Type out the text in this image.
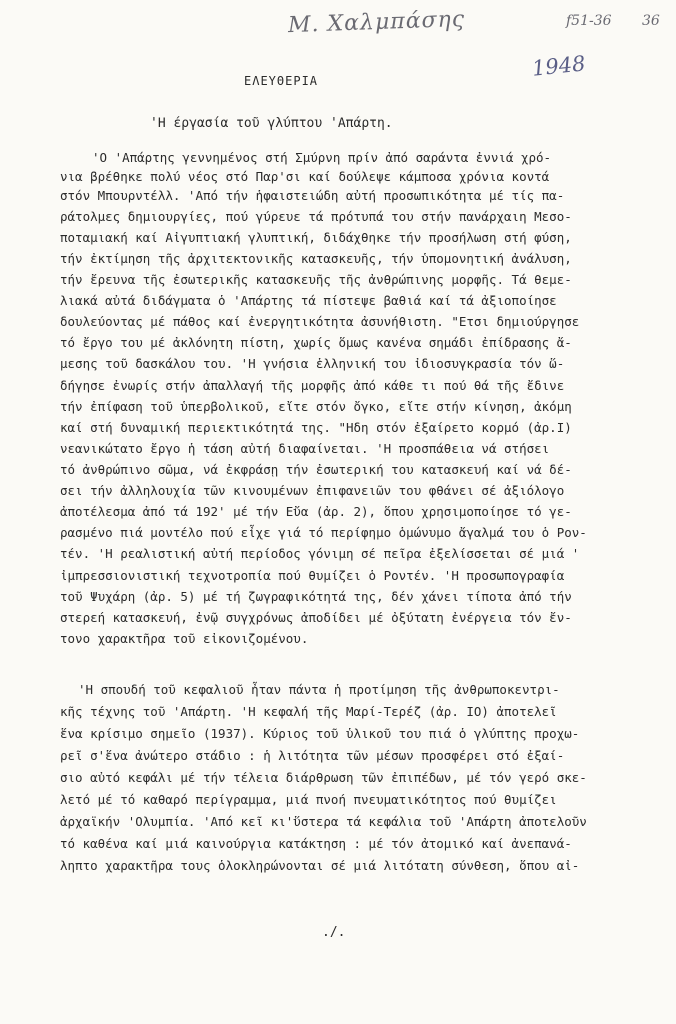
Μ. Χαλμπάσης	f51-36 36
1948
ΕΛΕΥΘΕΡΙΑ
'Η έργασία τοῦ γλύπτου 'Απάρτη.
'Ο 'Απάρτης γεννημένος στή Σμύρνη πρίν ἀπό σαράντα ἐννιά χρό-
νια βρέθηκε πολύ νέος στό Παρ'σι καί δούλεψε κάμποσα χρόνια κοντά
στόν Μπουρντέλλ. 'Από τήν ἡφαιστειώδη αὐτή προσωπικότητα μέ τίς πα-
ράτολμες δημιουργίες, πού γύρευε τά πρότυπά του στήν πανάρχαιη Μεσο-
ποταμιακή καί Αἰγυπτιακή γλυπτική, διδάχθηκε τήν προσήλωση στή φύση,
τήν ἐκτίμηση τῆς ἀρχιτεκτονικῆς κατασκευῆς, τήν ὑπομονητική ἀνάλυση,
τήν ἔρευνα τῆς ἐσωτερικῆς κατασκευῆς τῆς ἀνθρώπινης μορφῆς. Τά θεμε-
λιακά αὐτά διδάγματα ὁ 'Απάρτης τά πίστεψε βαθιά καί τά ἀξιοποίησε
δουλεύοντας μέ πάθος καί ἐνεργητικότητα ἀσυνήθιστη. "Ετσι δημιούργησε
τό ἔργο του μέ ἀκλόνητη πίστη, χωρίς ὅμως κανένα σημάδι ἐπίδρασης ἄ-
μεσης τοῦ δασκάλου του. 'Η γνήσια ἑλληνική του ἰδιοσυγκρασία τόν ὥ-
δήγησε ἐνωρίς στήν ἀπαλλαγή τῆς μορφῆς ἀπό κάθε τι πού θά τῆς ἔδινε
τήν ἐπίφαση τοῦ ὑπερβολικοῦ, εἴτε στόν ὄγκο, εἴτε στήν κίνηση, ἀκόμη
καί στή δυναμική περιεκτικότητά της. "Ηδη στόν ἐξαίρετο κορμό (ἀρ.Ι)
νεανικώτατο ἔργο ἡ τάση αὐτή διαφαίνεται. 'Η προσπάθεια νά στήσει
τό ἀνθρώπινο σῶμα, νά ἐκφράσῃ τήν ἐσωτερική του κατασκευή καί νά δέ-
σει τήν ἀλληλουχία τῶν κινουμένων ἐπιφανειῶν του φθάνει σέ ἀξιόλογο
ἀποτέλεσμα ἀπό τά 192' μέ τήν Εὔα (ἀρ. 2), ὅπου χρησιμοποίησε τό γε-
ρασμένο πιά μοντέλο πού εἶχε γιά τό περίφημο ὁμώνυμο ἄγαλμά του ὁ Ρον-
τέν. 'Η ρεαλιστική αὐτή περίοδος γόνιμη σέ πεῖρα ἐξελίσσεται σέ μιά '
ἰμπρεσσιονιστική τεχνοτροπία πού θυμίζει ὁ Ροντέν. 'Η προσωπογραφία
τοῦ Ψυχάρη (ἀρ. 5) μέ τή ζωγραφικότητά της, δέν χάνει τίποτα ἀπό τήν
στερεή κατασκευή, ἐνῷ συγχρόνως ἀποδίδει μέ ὀξύτατη ἐνέργεια τόν ἔν-
τονο χαρακτῆρα τοῦ εἰκονιζομένου.
'Η σπουδή τοῦ κεφαλιοῦ ἦταν πάντα ἡ προτίμηση τῆς ἀνθρωποκεντρι-
κῆς τέχνης τοῦ 'Απάρτη. 'Η κεφαλή τῆς Μαρί-Τερέζ (ἀρ. ΙΟ) ἀποτελεῖ
ἕνα κρίσιμο σημεῖο (1937). Κύριος τοῦ ὑλικοῦ του πιά ὁ γλύπτης προχω-
ρεῖ σ'ἕνα ἀνώτερο στάδιο : ἡ λιτότητα τῶν μέσων προσφέρει στό ἐξαί-
σιο αὐτό κεφάλι μέ τήν τέλεια διάρθρωση τῶν ἐπιπέδων, μέ τόν γερό σκε-
λετό μέ τό καθαρό περίγραμμα, μιά πνοή πνευματικότητος πού θυμίζει
ἀρχαϊκήν 'Ολυμπία. 'Από κεῖ κι'ὕστερα τά κεφάλια τοῦ 'Απάρτη ἀποτελοῦν
τό καθένα καί μιά καινούργια κατάκτηση : μέ τόν ἀτομικό καί ἀνεπανά-
ληπτο χαρακτῆρα τους ὁλοκληρώνονται σέ μιά λιτότατη σύνθεση, ὅπου αἰ-
./.
